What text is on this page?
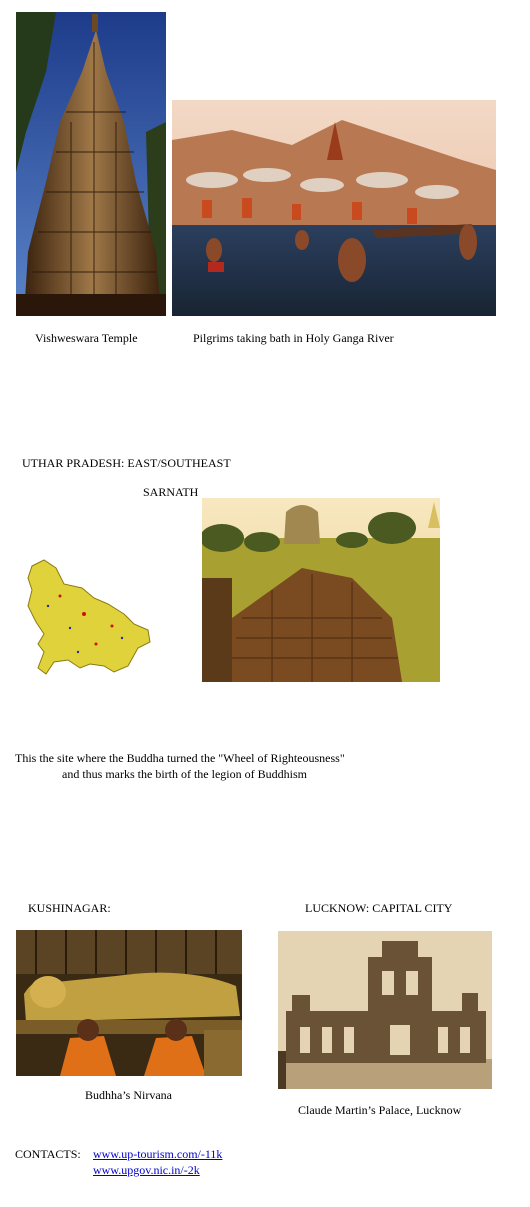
Vishweswara Temple	Pilgrims taking bath in Holy Ganga River
UTHAR PRADESH: EAST/SOUTHEAST
SARNATH
This the site where the Buddha turned the "Wheel of Righteousness"
and thus marks the birth of the legion of Buddhism
KUSHINAGAR:	LUCKNOW: CAPITAL CITY
Budhha’s Nirvana
Claude Martin’s Palace, Lucknow
CONTACTS: www.up-tourism.com/-11k
www.upgov.nic.in/-2k
